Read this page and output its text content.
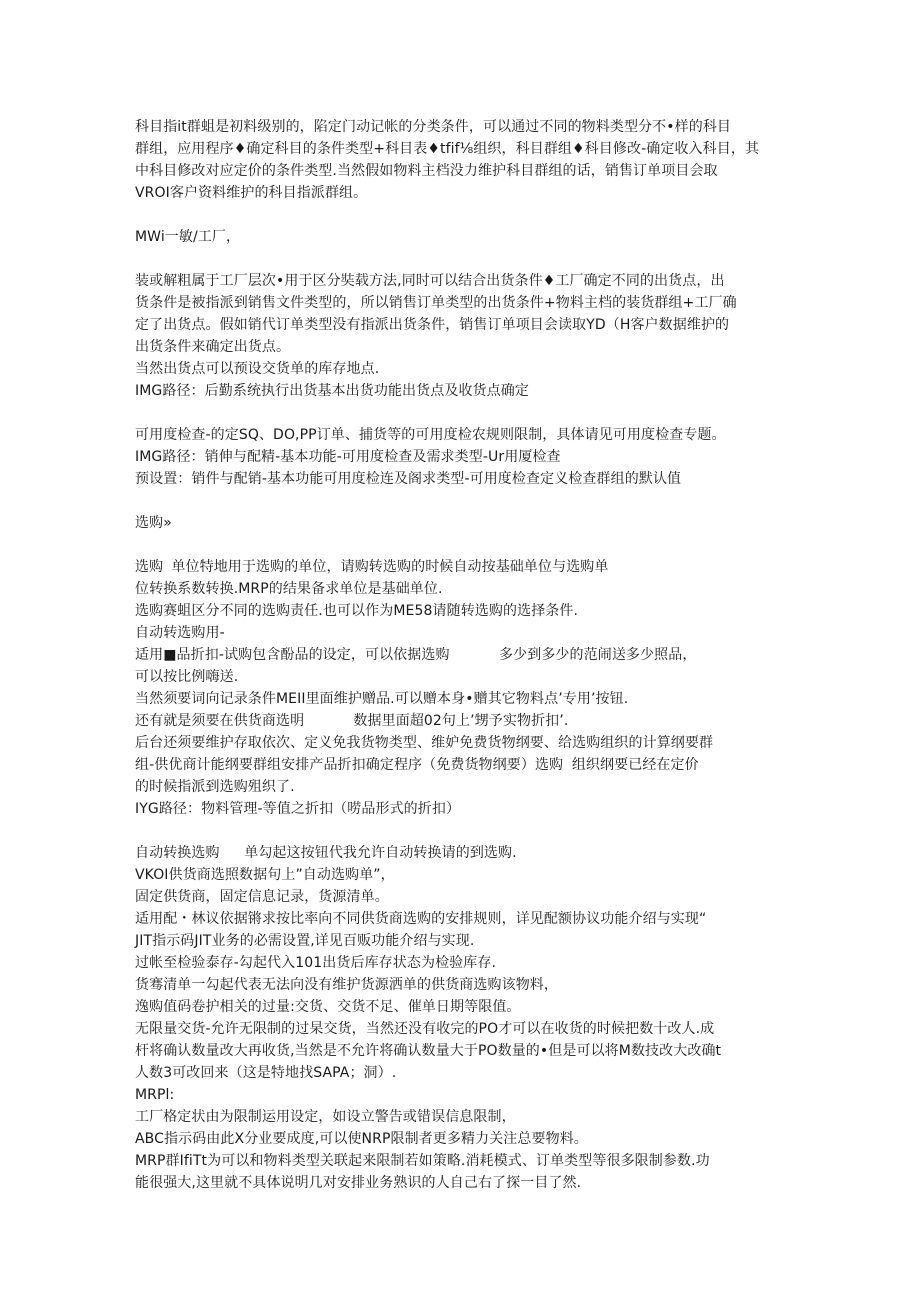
科目指it群蛆是初料级别的，陷定门动记帐的分类条件，可以通过不同的物料类型分不•样的科目

群组，应用程序♦确定科目的条件类型+科目表♦tfif⅛组织，科目群组♦科目修改-确定收入科目，其

中科目修改对应定价的条件类型.当然假如物料主档没力维护科目群组的话，销售订单项目会取

VROI客户资料维护的科目指派群组。

MWi一敏/工厂，

装或解粗属于工厂层次•用于区分奘载方法,同时可以结合出货条件♦工厂确定不同的出货点，出

货条件是被指派到销售文件类型的，所以销售订单类型的出货条件+物料主档的装货群组+工厂确

定了出货点。假如销代订单类型没有指派出货条件，销售订单项目会读取YD（H客户数据维护的

出货条件来确定出货点。

当然出货点可以预设交货单的库存地点.

IMG路径：后勤系统执行出货基本出货功能出货点及收货点确定

可用度检查-的定SQ、DO,PP订单、捕货等的可用度检农规则限制，具体请见可用度检查专题。

IMG路径：销伸与配精-基本功能-可用度检查及需求类型-Ur用厦检查

预设置：销件与配销-基本功能可用度检连及阁求类型-可用度检查定义检查群组的默认值

选购»

选购	单位特地用于选购的单位，请购转选购的时候自动按基础单位与选购单

位转换系数转换.MRP的结果备求单位是基础单位.

选购赛蛆区分不同的选购责任.也可以作为ME58请随转选购的选择条件.

自动转选购用-

适用■品折扣-试购包含酚品的设定，可以依据选购		多少到多少的范闹送多少照品，

可以按比例嗨送.

当然须要词向记录条件MEII里面维护赠品.可以赠本身•赠其它物料点’专用’按钮.

还有就是须要在供货商选明		数据里面超02句上’甥予实物折扣’.

后台还须要维护存取依次、定义免我货物类型、维妒免费货物纲要、给选购组织的计算纲要群

组-供优商计能纲要群组安排产品折扣确定程序（免费货物纲要）选购	组织纲要已经在定价

的时候指派到选购殂织了.

IYG路径：物料管理-等值之折扣（唠品形式的折扣）

自动转换选购	单勾起这按钮代我允许自动转换请的到选购.

VKOI供货商选照数据句上”自动选购单”，

固定供货商，固定信息记录，货源清单。

适用配・林议依据锵求按比率向不同供货商选购的安排规则，详见配额协议功能介绍与实现“

JIT指示码JIT业务的必需设置,详见百贩功能介绍与实现.

过帐至检验泰存-勾起代入101出货后库存状态为检验库存.

货骞清单一勾起代表无法向没有维护货源洒单的供货商选购该物料，

逸购值码卷护相关的过量:交货、交货不足、催单日期等限值。

无限量交货-允许无限制的过杲交货，当然还没有收完的PO才可以在收货的时候把数十改人.成

杆将确认数量改大再收货,当然是不允许将确认数量大于PO数量的•但是可以将M数技改大改确t

人数3可改回来（这是特地找SAPA；洞）.

MRPl:

工厂格定状由为限制运用设定，如设立警告或错误信息限制，

ABC指示码由此X分业要成度,可以使NRP限制者更多精力关注总要物料。

MRP群IfiTt为可以和物料类型关联起来限制若如策略.消耗模式、订单类型等很多限制参数.功

能很强大,这里就不具体说明几对安排业务熟识的人自己右了探一目了然.
